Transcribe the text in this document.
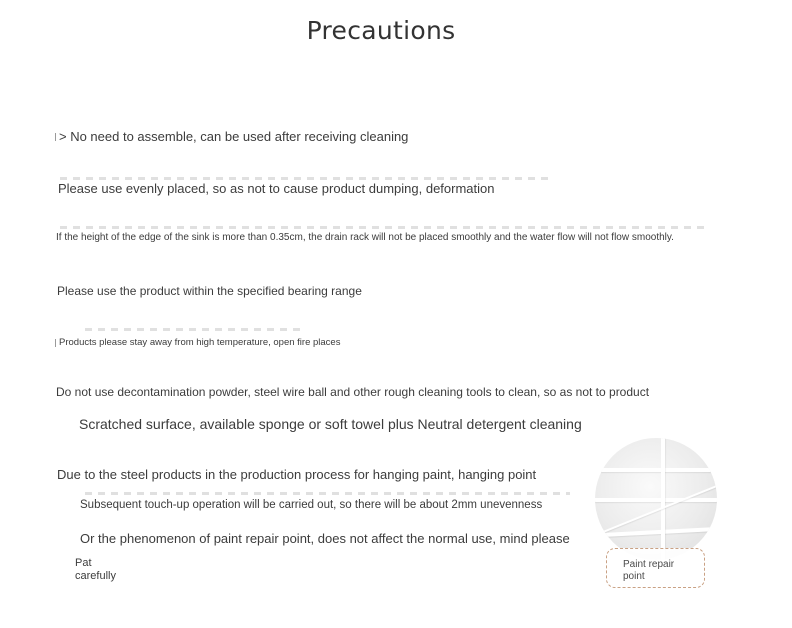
Precautions
> No need to assemble, can be used after receiving cleaning
Please use evenly placed, so as not to cause product dumping, deformation
If the height of the edge of the sink is more than 0.35cm, the drain rack will not be placed smoothly and the water flow will not flow smoothly.
Please use the product within the specified bearing range
Products please stay away from high temperature, open fire places
Do not use decontamination powder, steel wire ball and other rough cleaning tools to clean, so as not to product
Scratched surface, available sponge or soft towel plus Neutral detergent cleaning
Due to the steel products in the production process for hanging paint, hanging point
Subsequent touch-up operation will be carried out, so there will be about 2mm unevenness
Or the phenomenon of paint repair point, does not affect the normal use, mind please
Pat
carefully
Paint repair
point
